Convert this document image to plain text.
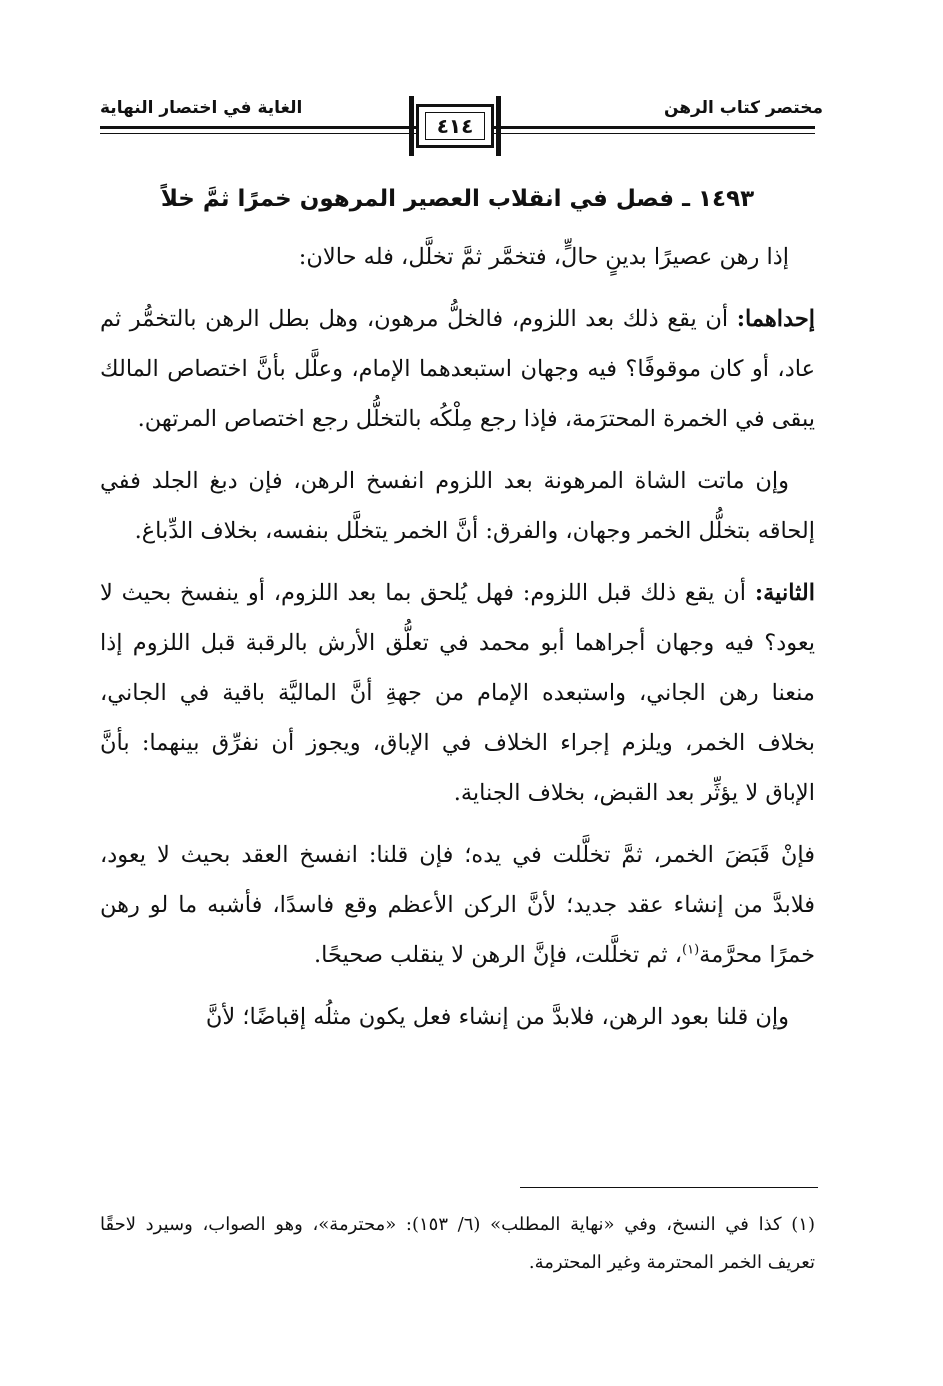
مختصر كتاب الرهن
الغاية في اختصار النهاية
٤١٤
١٤٩٣ ـ فصل في انقلاب العصير المرهون خمرًا ثمَّ خلاً

إذا رهن عصيرًا بدينٍ حالٍّ، فتخمَّر ثمَّ تخلَّل، فله حالان:

إحداهما: أن يقع ذلك بعد اللزوم، فالخلُّ مرهون، وهل بطل الرهن بالتخمُّر ثم عاد، أو كان موقوفًا؟ فيه وجهان استبعدهما الإمام، وعلَّل بأنَّ اختصاص المالك يبقى في الخمرة المحترَمة، فإذا رجع مِلْكُه بالتخلُّل رجع اختصاص المرتهن.

وإن ماتت الشاة المرهونة بعد اللزوم انفسخ الرهن، فإن دبغ الجلد ففي إلحاقه بتخلُّل الخمر وجهان، والفرق: أنَّ الخمر يتخلَّل بنفسه، بخلاف الدِّباغ.

الثانية: أن يقع ذلك قبل اللزوم: فهل يُلحق بما بعد اللزوم، أو ينفسخ بحيث لا يعود؟ فيه وجهان أجراهما أبو محمد في تعلُّق الأرش بالرقبة قبل اللزوم إذا منعنا رهن الجاني، واستبعده الإمام من جهةِ أنَّ الماليَّة باقية في الجاني، بخلاف الخمر، ويلزم إجراء الخلاف في الإباق، ويجوز أن نفرِّق بينهما: بأنَّ الإباق لا يؤثِّر بعد القبض، بخلاف الجناية.

فإنْ قَبَضَ الخمر، ثمَّ تخلَّلت في يده؛ فإن قلنا: انفسخ العقد بحيث لا يعود، فلابدَّ من إنشاء عقد جديد؛ لأنَّ الركن الأعظم وقع فاسدًا، فأشبه ما لو رهن خمرًا محرَّمة$^{(١)}$، ثم تخلَّلت، فإنَّ الرهن لا ينقلب صحيحًا.

وإن قلنا بعود الرهن، فلابدَّ من إنشاء فعل يكون مثلُه إقباضًا؛ لأنَّ

(١) كذا في النسخ، وفي «نهاية المطلب» (٦/ ١٥٣): «محترمة»، وهو الصواب، وسيرد لاحقًا تعريف الخمر المحترمة وغير المحترمة.
